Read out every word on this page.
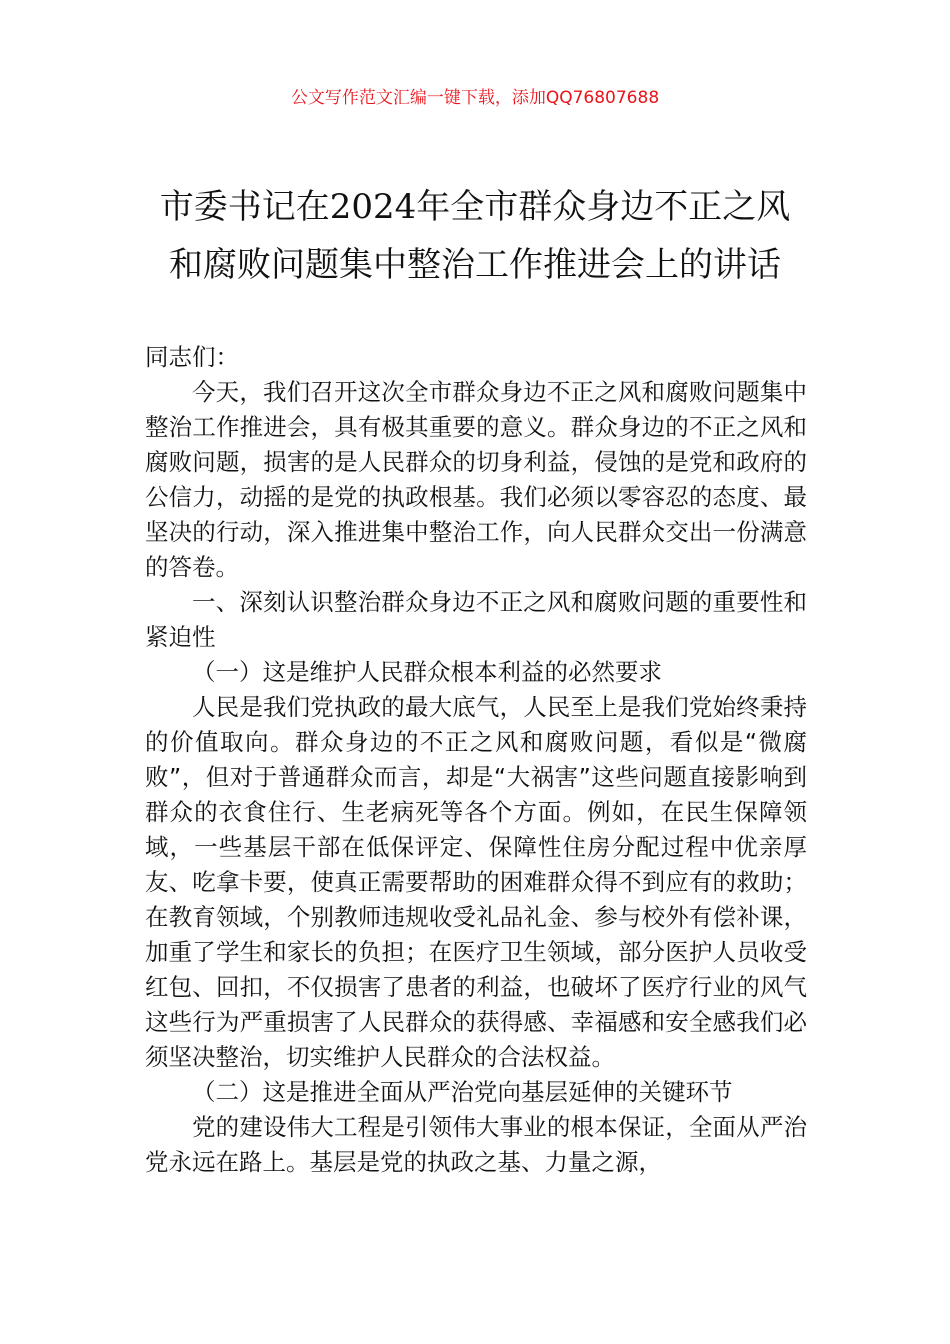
公文写作范文汇编一键下载，添加QQ76807688
市委书记在2024年全市群众身边不正之风
和腐败问题集中整治工作推进会上的讲话

同志们：

今天，我们召开这次全市群众身边不正之风和腐败问题集中整治工作推进会，具有极其重要的意义。群众身边的不正之风和腐败问题，损害的是人民群众的切身利益，侵蚀的是党和政府的公信力，动摇的是党的执政根基。我们必须以零容忍的态度、最坚决的行动，深入推进集中整治工作，向人民群众交出一份满意的答卷。

一、深刻认识整治群众身边不正之风和腐败问题的重要性和紧迫性

（一）这是维护人民群众根本利益的必然要求

人民是我们党执政的最大底气，人民至上是我们党始终秉持的价值取向。群众身边的不正之风和腐败问题，看似是“微腐败”，但对于普通群众而言，却是“大祸害”这些问题直接影响到群众的衣食住行、生老病死等各个方面。例如，在民生保障领域，一些基层干部在低保评定、保障性住房分配过程中优亲厚友、吃拿卡要，使真正需要帮助的困难群众得不到应有的救助；在教育领域，个别教师违规收受礼品礼金、参与校外有偿补课，加重了学生和家长的负担；在医疗卫生领域，部分医护人员收受红包、回扣，不仅损害了患者的利益，也破坏了医疗行业的风气这些行为严重损害了人民群众的获得感、幸福感和安全感我们必须坚决整治，切实维护人民群众的合法权益。

（二）这是推进全面从严治党向基层延伸的关键环节

党的建设伟大工程是引领伟大事业的根本保证，全面从严治党永远在路上。基层是党的执政之基、力量之源，
